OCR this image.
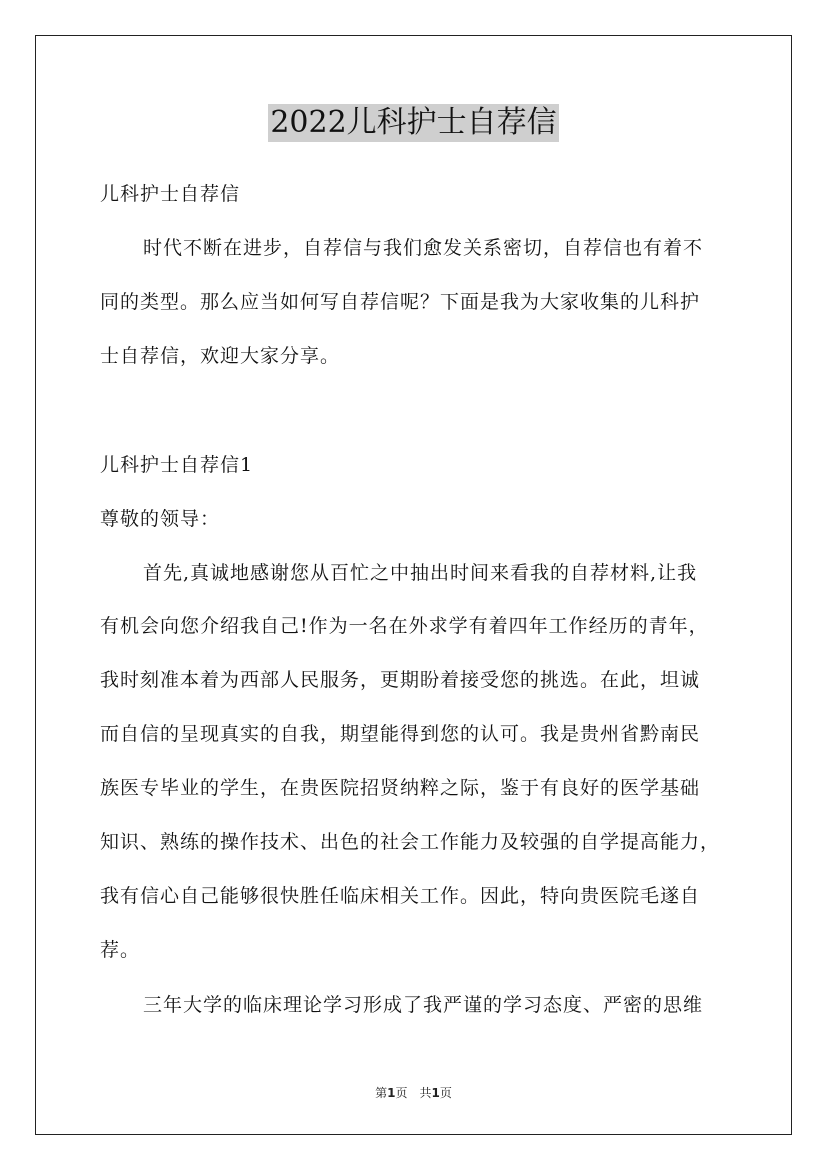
2022儿科护士自荐信
儿科护士自荐信
时代不断在进步，自荐信与我们愈发关系密切，自荐信也有着不
同的类型。那么应当如何写自荐信呢？下面是我为大家收集的儿科护
士自荐信，欢迎大家分享。
儿科护士自荐信1
尊敬的领导：
首先,真诚地感谢您从百忙之中抽出时间来看我的自荐材料,让我
有机会向您介绍我自己!作为一名在外求学有着四年工作经历的青年，
我时刻准本着为西部人民服务，更期盼着接受您的挑选。在此，坦诚
而自信的呈现真实的自我，期望能得到您的认可。我是贵州省黔南民
族医专毕业的学生，在贵医院招贤纳粹之际，鉴于有良好的医学基础
知识、熟练的操作技术、出色的社会工作能力及较强的自学提高能力，
我有信心自己能够很快胜任临床相关工作。因此，特向贵医院毛遂自
荐。
三年大学的临床理论学习形成了我严谨的学习态度、严密的思维
第1页　共1页
